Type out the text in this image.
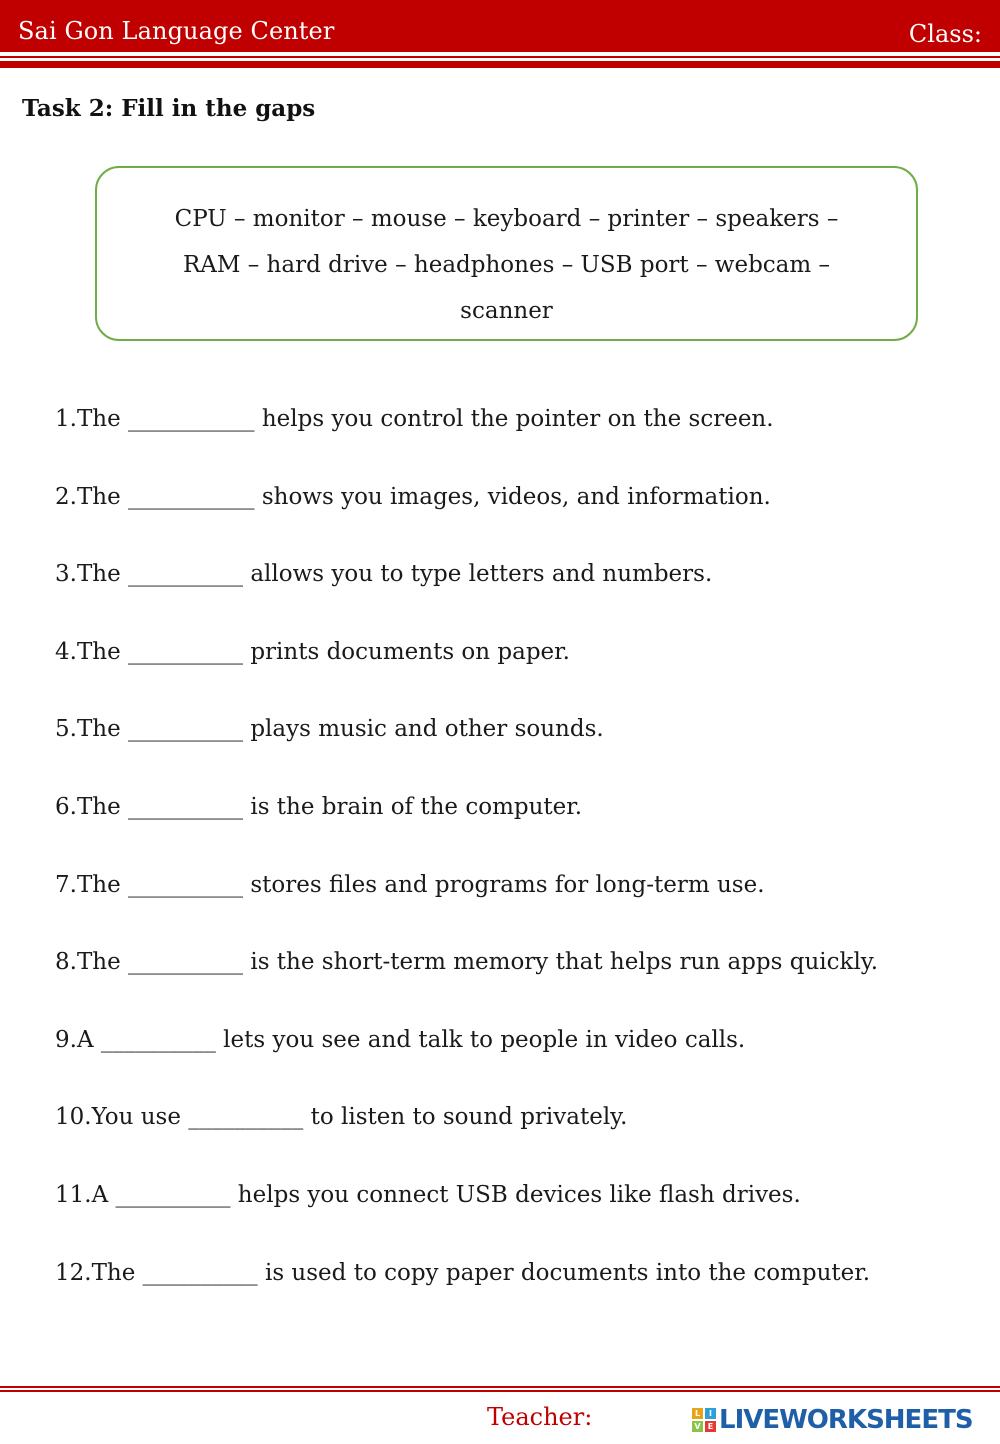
Sai Gon Language Center	Class:
Task 2: Fill in the gaps
CPU – monitor – mouse – keyboard – printer – speakers –
RAM – hard drive – headphones – USB port – webcam –
scanner
1.The ___________ helps you control the pointer on the screen.
2.The ___________ shows you images, videos, and information.
3.The __________ allows you to type letters and numbers.
4.The __________ prints documents on paper.
5.The __________ plays music and other sounds.
6.The __________ is the brain of the computer.
7.The __________ stores files and programs for long-term use.
8.The __________ is the short-term memory that helps run apps quickly.
9.A __________ lets you see and talk to people in video calls.
10.You use __________ to listen to sound privately.
11.A __________ helps you connect USB devices like flash drives.
12.The __________ is used to copy paper documents into the computer.
Teacher:	L	I
V E LIVEWORKSHEETS
